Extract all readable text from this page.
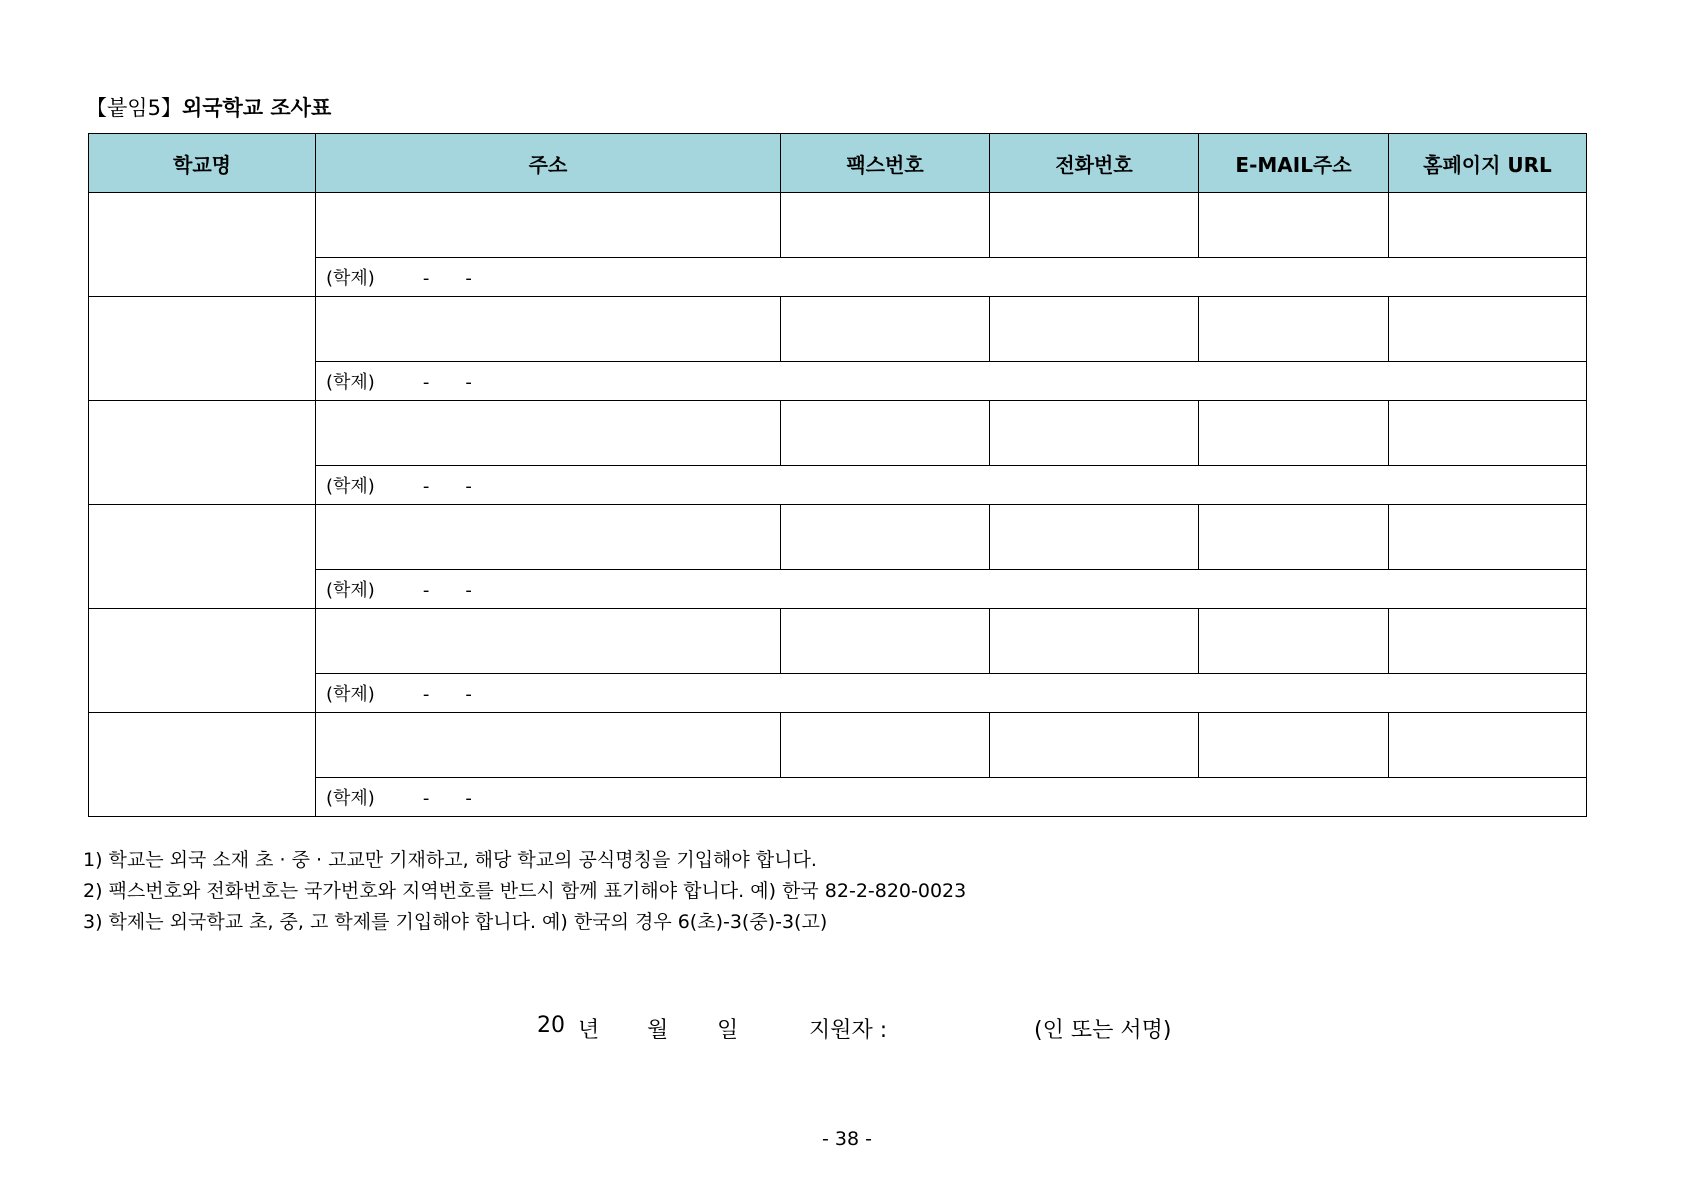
【붙임5】외국학교 조사표
학교명	주소	팩스번호	전화번호	E-MAIL주소	홈페이지 URL

	(학제) - -				

	(학제) - -				

	(학제) - -				

	(학제) - -				

	(학제) - -				

	(학제) - -				
1) 학교는 외국 소재 초 · 중 · 고교만 기재하고, 해당 학교의 공식명칭을 기입해야 합니다.
2) 팩스번호와 전화번호는 국가번호와 지역번호를 반드시 함께 표기해야 합니다. 예) 한국 82-2-820-0023
3) 학제는 외국학교 초, 중, 고 학제를 기입해야 합니다. 예) 한국의 경우 6(초)-3(중)-3(고)
20 년 월 일	지원자 :	(인 또는 서명)
- 38 -
